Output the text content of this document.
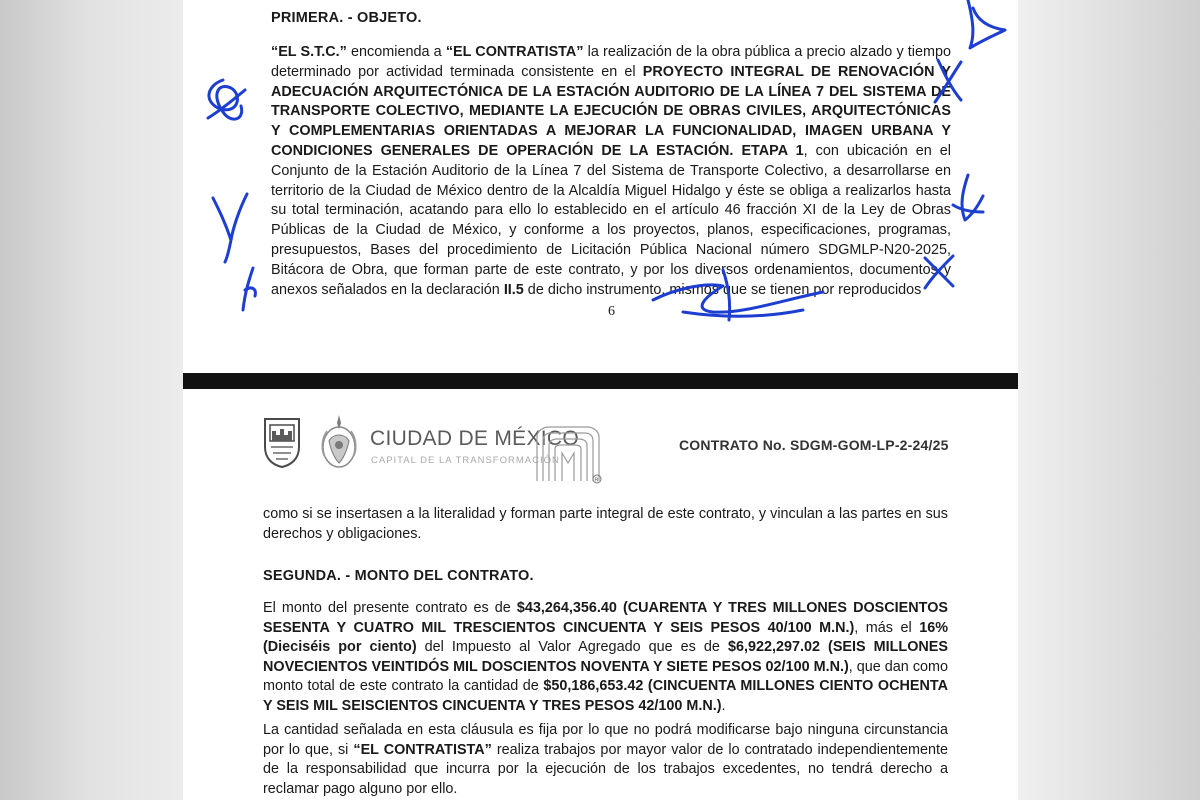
PRIMERA. - OBJETO.
“EL S.T.C.” encomienda a “EL CONTRATISTA” la realización de la obra pública a precio alzado y tiempo determinado por actividad terminada consistente en el PROYECTO INTEGRAL DE RENOVACIÓN Y ADECUACIÓN ARQUITECTÓNICA DE LA ESTACIÓN AUDITORIO DE LA LÍNEA 7 DEL SISTEMA DE TRANSPORTE COLECTIVO, MEDIANTE LA EJECUCIÓN DE OBRAS CIVILES, ARQUITECTÓNICAS Y COMPLEMENTARIAS ORIENTADAS A MEJORAR LA FUNCIONALIDAD, IMAGEN URBANA Y CONDICIONES GENERALES DE OPERACIÓN DE LA ESTACIÓN. ETAPA 1, con ubicación en el Conjunto de la Estación Auditorio de la Línea 7 del Sistema de Transporte Colectivo, a desarrollarse en territorio de la Ciudad de México dentro de la Alcaldía Miguel Hidalgo y éste se obliga a realizarlos hasta su total terminación, acatando para ello lo establecido en el artículo 46 fracción XI de la Ley de Obras Públicas de la Ciudad de México, y conforme a los proyectos, planos, especificaciones, programas, presupuestos, Bases del procedimiento de Licitación Pública Nacional número SDGMLP-N20-2025, Bitácora de Obra, que forman parte de este contrato, y por los diversos ordenamientos, documentos y anexos señalados en la declaración II.5 de dicho instrumento, mismos que se tienen por reproducidos
6
CIUDAD DE MÉXICO
CAPITAL DE LA TRANSFORMACIÓN
R
CONTRATO No. SDGM-GOM-LP-2-24/25
como si se insertasen a la literalidad y forman parte integral de este contrato, y vinculan a las partes en sus derechos y obligaciones.
SEGUNDA. - MONTO DEL CONTRATO.
El monto del presente contrato es de $43,264,356.40 (CUARENTA Y TRES MILLONES DOSCIENTOS SESENTA Y CUATRO MIL TRESCIENTOS CINCUENTA Y SEIS PESOS 40/100 M.N.), más el 16% (Dieciséis por ciento) del Impuesto al Valor Agregado que es de $6,922,297.02 (SEIS MILLONES NOVECIENTOS VEINTIDÓS MIL DOSCIENTOS NOVENTA Y SIETE PESOS 02/100 M.N.), que dan como monto total de este contrato la cantidad de $50,186,653.42 (CINCUENTA MILLONES CIENTO OCHENTA Y SEIS MIL SEISCIENTOS CINCUENTA Y TRES PESOS 42/100 M.N.).
La cantidad señalada en esta cláusula es fija por lo que no podrá modificarse bajo ninguna circunstancia por lo que, si “EL CONTRATISTA” realiza trabajos por mayor valor de lo contratado independientemente de la responsabilidad que incurra por la ejecución de los trabajos excedentes, no tendrá derecho a reclamar pago alguno por ello.
